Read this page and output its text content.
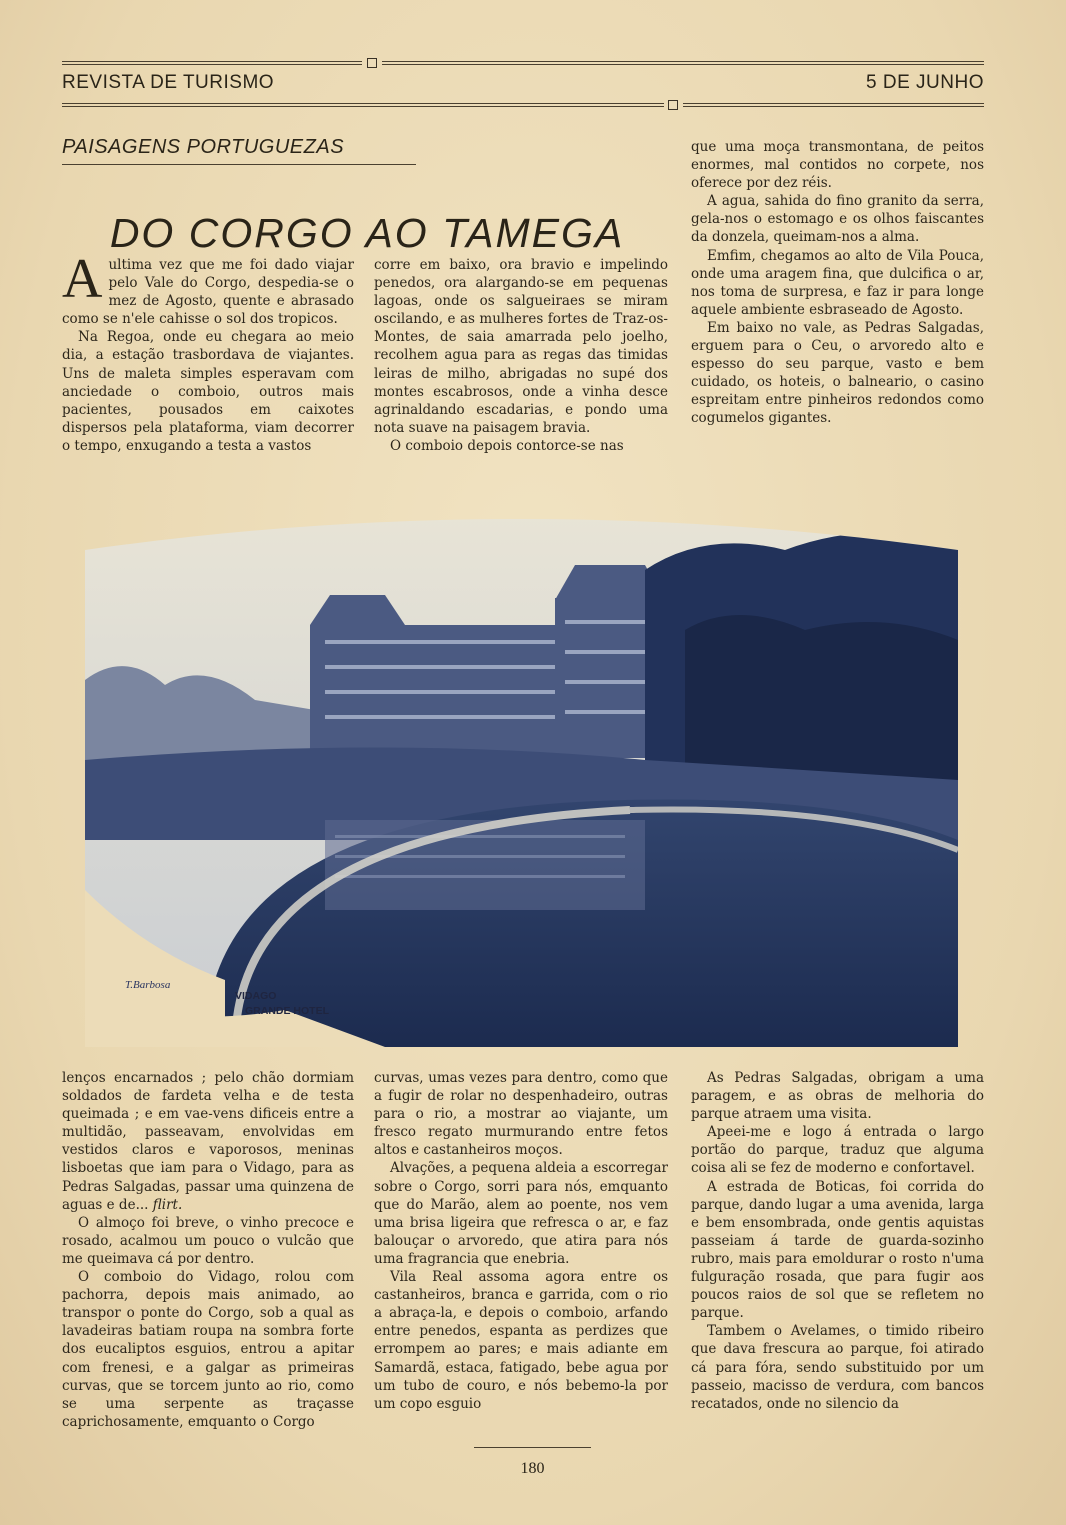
REVISTA DE TURISMO	5 DE JUNHO
PAISAGENS PORTUGUEZAS
DO CORGO AO TAMEGA
A ultima vez que me foi dado viajar pelo Vale do Corgo, despedia-se o mez de Agosto, quente e abrasado como se n'ele cahisse o sol dos tropicos.

Na Regoa, onde eu chegara ao meio dia, a estação trasbordava de viajantes. Uns de maleta simples esperavam com anciedade o comboio, outros mais pacientes, pousados em caixotes dispersos pela plataforma, viam decorrer o tempo, enxugando a testa a vastos

corre em baixo, ora bravio e impelindo penedos, ora alargando-se em pequenas lagoas, onde os salgueiraes se miram oscilando, e as mulheres fortes de Traz-os-Montes, de saia amarrada pelo joelho, recolhem agua para as regas das timidas leiras de milho, abrigadas no supé dos montes escabrosos, onde a vinha desce agrinaldando escadarias, e pondo uma nota suave na paisagem bravia.

O comboio depois contorce-se nas

que uma moça transmontana, de peitos enormes, mal contidos no corpete, nos oferece por dez réis.

A agua, sahida do fino granito da serra, gela-nos o estomago e os olhos faiscantes da donzela, queimam-nos a alma.

Emfim, chegamos ao alto de Vila Pouca, onde uma aragem fina, que dulcifica o ar, nos toma de surpresa, e faz ir para longe aquele ambiente esbraseado de Agosto.

Em baixo no vale, as Pedras Salgadas, erguem para o Ceu, o arvoredo alto e espesso do seu parque, vasto e bem cuidado, os hoteis, o balneario, o casino espreitam entre pinheiros redondos como cogumelos gigantes.

T.Barbosa
VIDAGO
GRANDE HOTEL

lenços encarnados ; pelo chão dormiam soldados de fardeta velha e de testa queimada ; e em vae-vens dificeis entre a multidão, passeavam, envolvidas em vestidos claros e vaporosos, meninas lisboetas que iam para o Vidago, para as Pedras Salgadas, passar uma quinzena de aguas e de... flirt.

O almoço foi breve, o vinho precoce e rosado, acalmou um pouco o vulcão que me queimava cá por dentro.

O comboio do Vidago, rolou com pachorra, depois mais animado, ao transpor o ponte do Corgo, sob a qual as lavadeiras batiam roupa na sombra forte dos eucaliptos esguios, entrou a apitar com frenesi, e a galgar as primeiras curvas, que se torcem junto ao rio, como se uma serpente as traçasse caprichosamente, emquanto o Corgo

curvas, umas vezes para dentro, como que a fugir de rolar no despenhadeiro, outras para o rio, a mostrar ao viajante, um fresco regato murmurando entre fetos altos e castanheiros moços.

Alvações, a pequena aldeia a escorregar sobre o Corgo, sorri para nós, emquanto que do Marão, alem ao poente, nos vem uma brisa ligeira que refresca o ar, e faz balouçar o arvoredo, que atira para nós uma fragrancia que enebria.

Vila Real assoma agora entre os castanheiros, branca e garrida, com o rio a abraça-la, e depois o comboio, arfando entre penedos, espanta as perdizes que errompem ao pares; e mais adiante em Samardã, estaca, fatigado, bebe agua por um tubo de couro, e nós bebemo-la por um copo esguio

As Pedras Salgadas, obrigam a uma paragem, e as obras de melhoria do parque atraem uma visita.

Apeei-me e logo á entrada o largo portão do parque, traduz que alguma coisa ali se fez de moderno e confortavel.

A estrada de Boticas, foi corrida do parque, dando lugar a uma avenida, larga e bem ensombrada, onde gentis aquistas passeiam á tarde de guarda-sozinho rubro, mais para emoldurar o rosto n'uma fulguração rosada, que para fugir aos poucos raios de sol que se refletem no parque.

Tambem o Avelames, o timido ribeiro que dava frescura ao parque, foi atirado cá para fóra, sendo substituido por um passeio, macisso de verdura, com bancos recatados, onde no silencio da

180
